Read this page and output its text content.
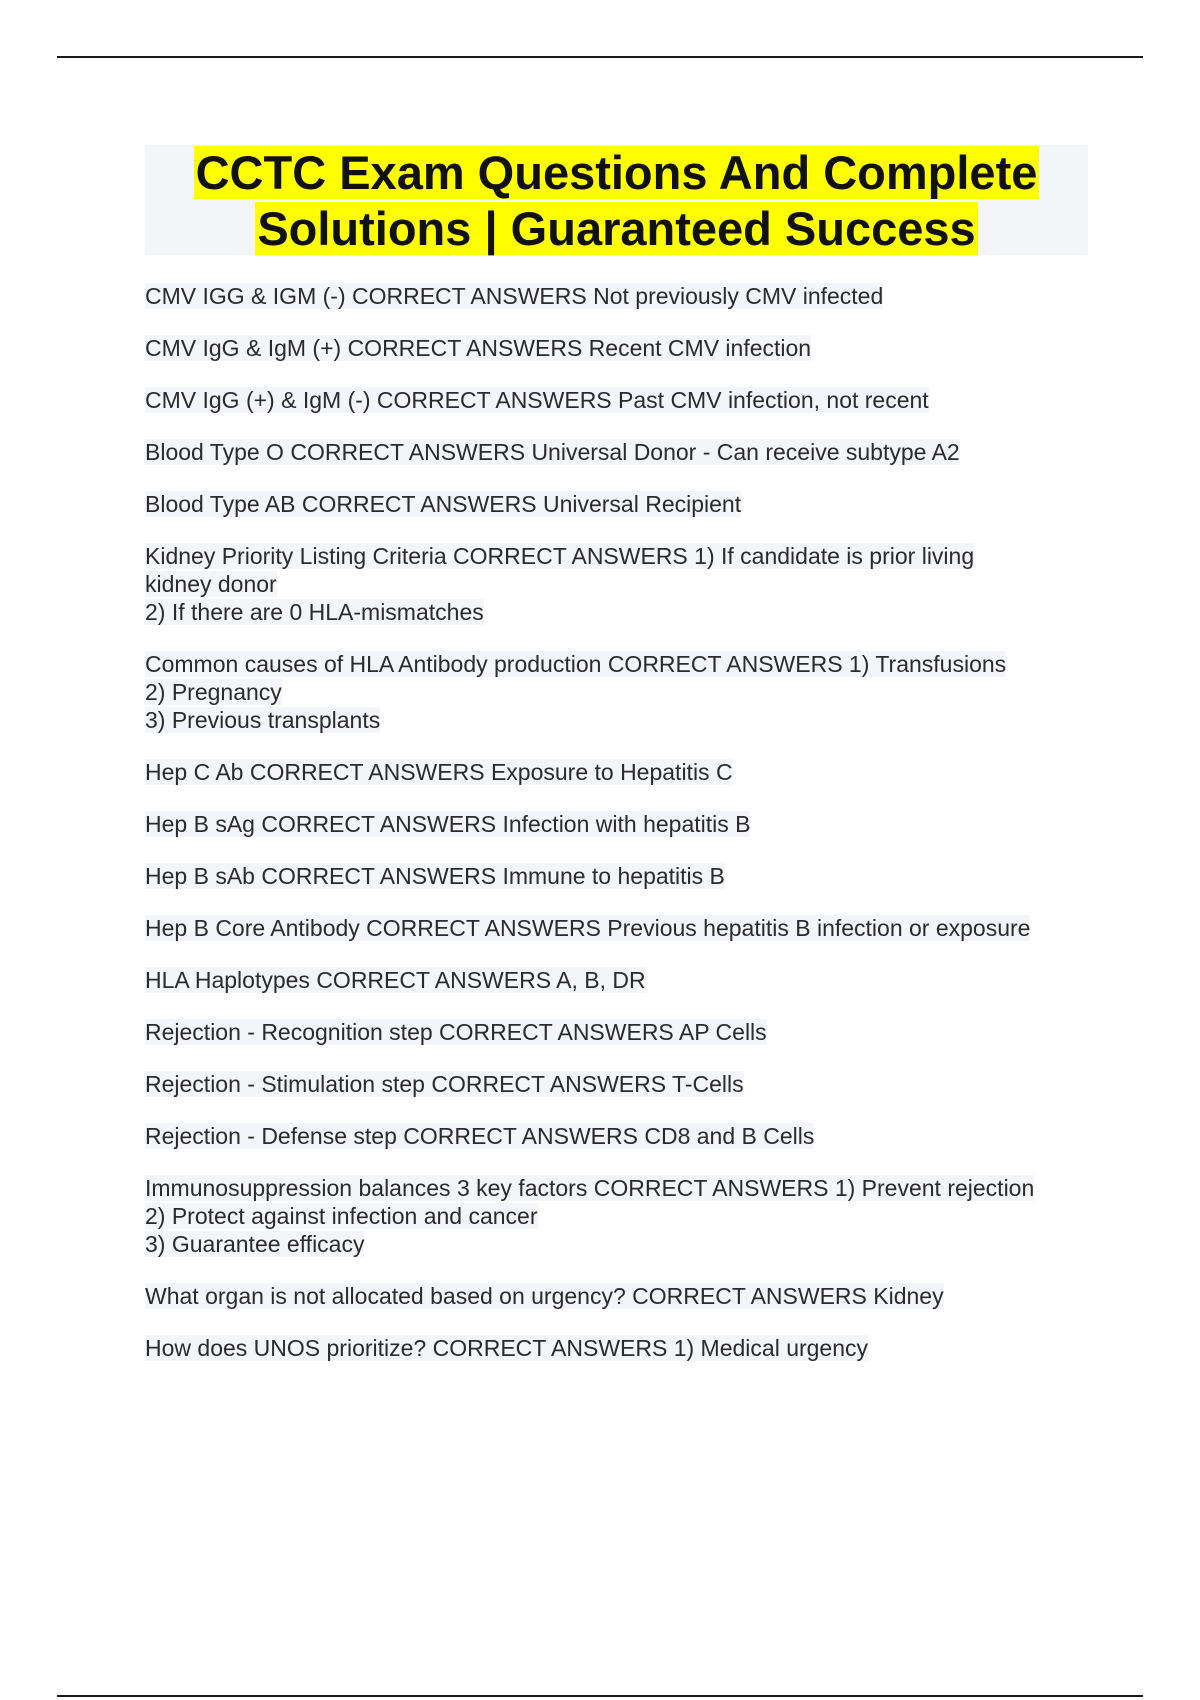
CCTC Exam Questions And Complete
Solutions | Guaranteed Success
CMV IGG & IGM (-) CORRECT ANSWERS Not previously CMV infected
CMV IgG & IgM (+) CORRECT ANSWERS Recent CMV infection
CMV IgG (+) & IgM (-) CORRECT ANSWERS Past CMV infection, not recent
Blood Type O CORRECT ANSWERS Universal Donor - Can receive subtype A2
Blood Type AB CORRECT ANSWERS Universal Recipient
Kidney Priority Listing Criteria CORRECT ANSWERS 1) If candidate is prior living
kidney donor
2) If there are 0 HLA-mismatches
Common causes of HLA Antibody production CORRECT ANSWERS 1) Transfusions
2) Pregnancy
3) Previous transplants
Hep C Ab CORRECT ANSWERS Exposure to Hepatitis C
Hep B sAg CORRECT ANSWERS Infection with hepatitis B
Hep B sAb CORRECT ANSWERS Immune to hepatitis B
Hep B Core Antibody CORRECT ANSWERS Previous hepatitis B infection or exposure
HLA Haplotypes CORRECT ANSWERS A, B, DR
Rejection - Recognition step CORRECT ANSWERS AP Cells
Rejection - Stimulation step CORRECT ANSWERS T-Cells
Rejection - Defense step CORRECT ANSWERS CD8 and B Cells
Immunosuppression balances 3 key factors CORRECT ANSWERS 1) Prevent rejection
2) Protect against infection and cancer
3) Guarantee efficacy
What organ is not allocated based on urgency? CORRECT ANSWERS Kidney
How does UNOS prioritize? CORRECT ANSWERS 1) Medical urgency
